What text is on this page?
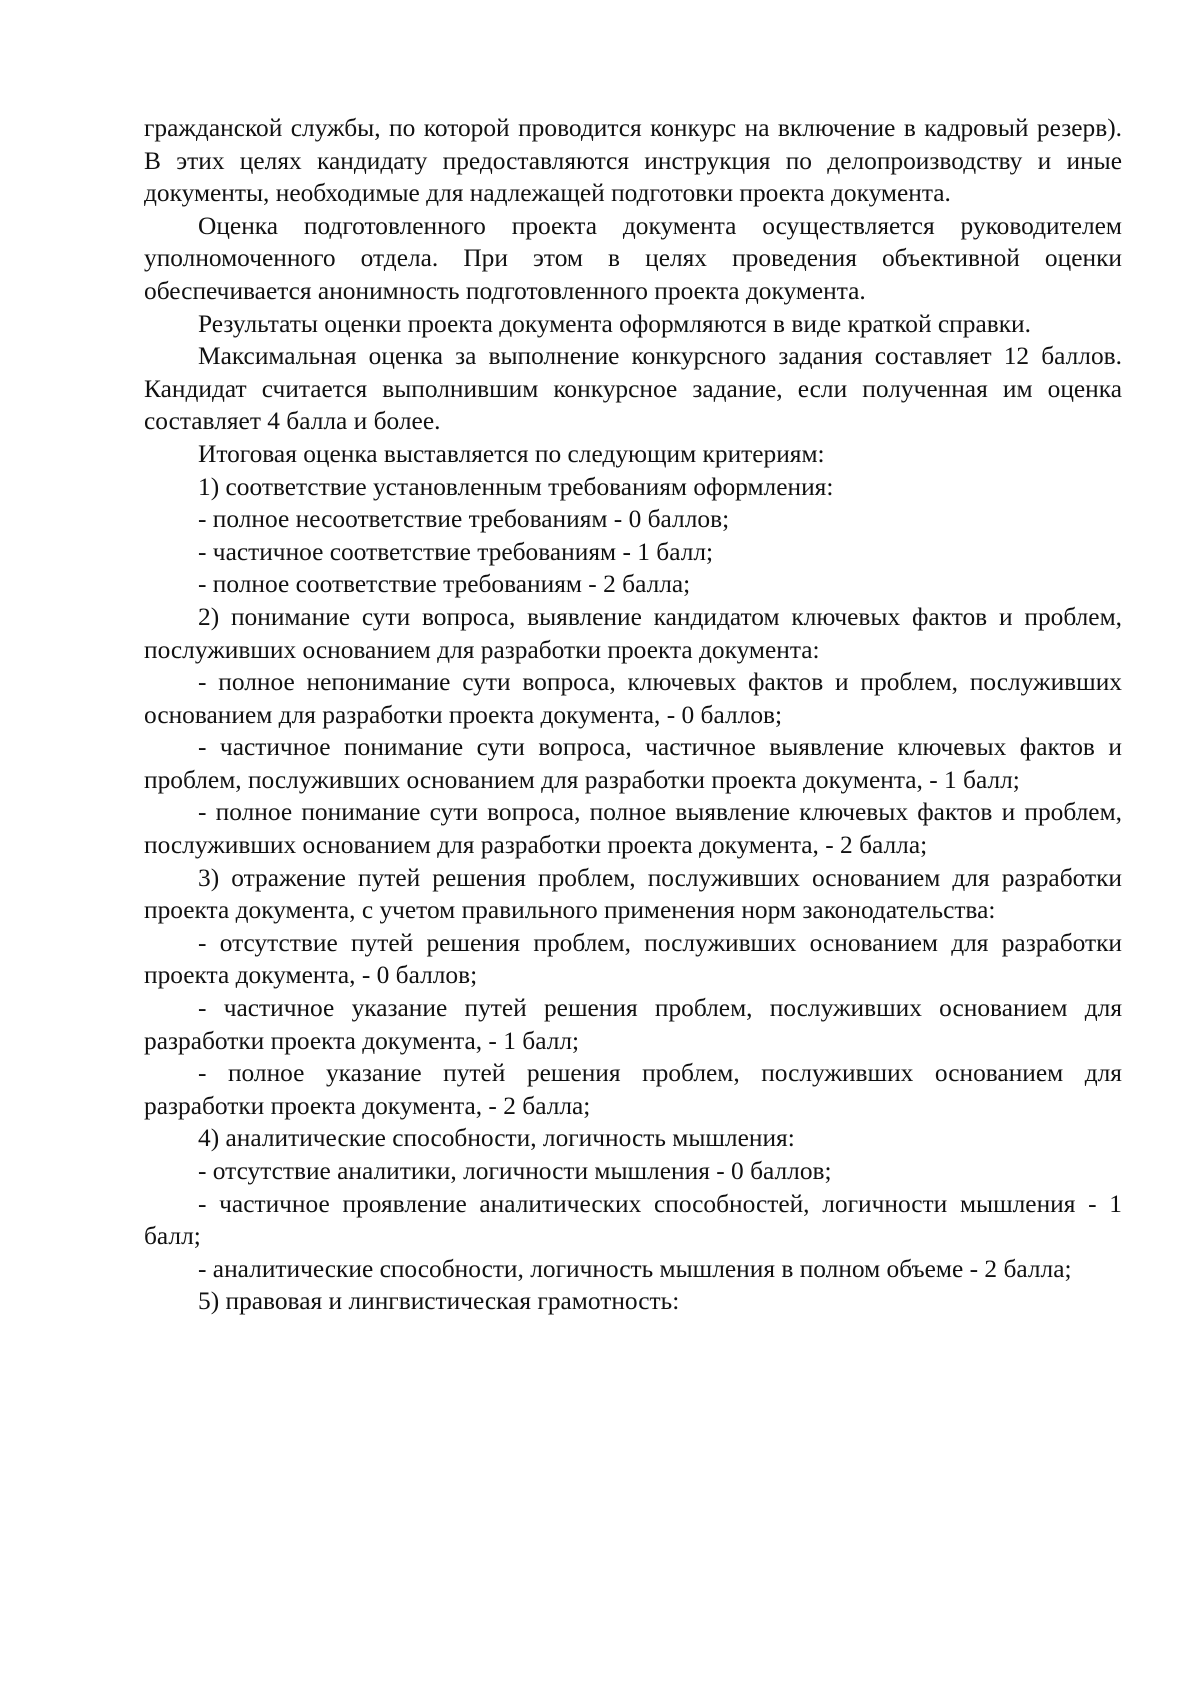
гражданской службы, по которой проводится конкурс на включение в кадровый резерв). В этих целях кандидату предоставляются инструкция по делопроизводству и иные документы, необходимые для надлежащей подготовки проекта документа.

Оценка подготовленного проекта документа осуществляется руководителем уполномоченного отдела. При этом в целях проведения объективной оценки обеспечивается анонимность подготовленного проекта документа.

Результаты оценки проекта документа оформляются в виде краткой справки.

Максимальная оценка за выполнение конкурсного задания составляет 12 баллов. Кандидат считается выполнившим конкурсное задание, если полученная им оценка составляет 4 балла и более.

Итоговая оценка выставляется по следующим критериям:

1) соответствие установленным требованиям оформления:

- полное несоответствие требованиям - 0 баллов;

- частичное соответствие требованиям - 1 балл;

- полное соответствие требованиям - 2 балла;

2) понимание сути вопроса, выявление кандидатом ключевых фактов и проблем, послуживших основанием для разработки проекта документа:

- полное непонимание сути вопроса, ключевых фактов и проблем, послуживших основанием для разработки проекта документа, - 0 баллов;

- частичное понимание сути вопроса, частичное выявление ключевых фактов и проблем, послуживших основанием для разработки проекта документа, - 1 балл;

- полное понимание сути вопроса, полное выявление ключевых фактов и проблем, послуживших основанием для разработки проекта документа, - 2 балла;

3) отражение путей решения проблем, послуживших основанием для разработки проекта документа, с учетом правильного применения норм законодательства:

- отсутствие путей решения проблем, послуживших основанием для разработки проекта документа, - 0 баллов;

- частичное указание путей решения проблем, послуживших основанием для разработки проекта документа, - 1 балл;

- полное указание путей решения проблем, послуживших основанием для разработки проекта документа, - 2 балла;

4) аналитические способности, логичность мышления:

- отсутствие аналитики, логичности мышления - 0 баллов;

- частичное проявление аналитических способностей, логичности мышления - 1 балл;

- аналитические способности, логичность мышления в полном объеме - 2 балла;

5) правовая и лингвистическая грамотность:
